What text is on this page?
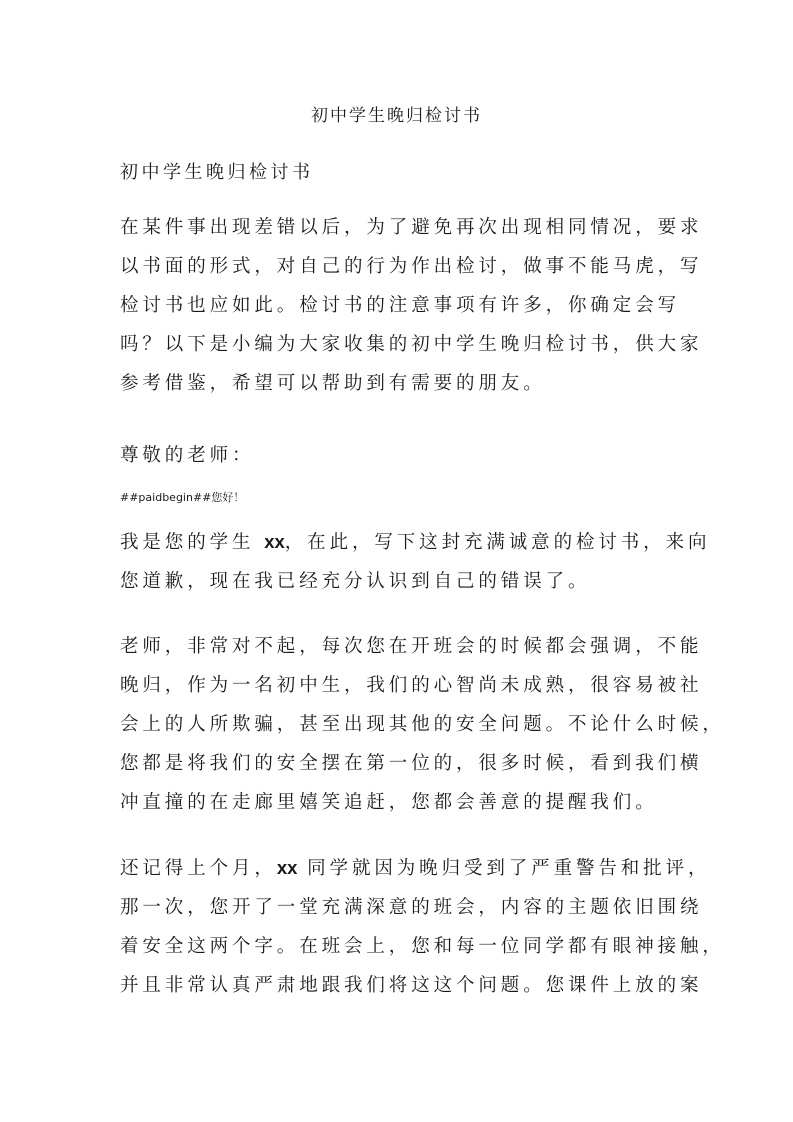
初中学生晚归检讨书
初中学生晚归检讨书
在某件事出现差错以后，为了避免再次出现相同情况，要求
以书面的形式，对自己的行为作出检讨，做事不能马虎，写
检讨书也应如此。检讨书的注意事项有许多，你确定会写
吗？以下是小编为大家收集的初中学生晚归检讨书，供大家
参考借鉴，希望可以帮助到有需要的朋友。
尊敬的老师：
##paidbegin##您好！
我是您的学生 xx，在此，写下这封充满诚意的检讨书，来向
您道歉，现在我已经充分认识到自己的错误了。
老师，非常对不起，每次您在开班会的时候都会强调，不能
晚归，作为一名初中生，我们的心智尚未成熟，很容易被社
会上的人所欺骗，甚至出现其他的安全问题。不论什么时候，
您都是将我们的安全摆在第一位的，很多时候，看到我们横
冲直撞的在走廊里嬉笑追赶，您都会善意的提醒我们。
还记得上个月，xx 同学就因为晚归受到了严重警告和批评，
那一次，您开了一堂充满深意的班会，内容的主题依旧围绕
着安全这两个字。在班会上，您和每一位同学都有眼神接触，
并且非常认真严肃地跟我们将这这个问题。您课件上放的案
